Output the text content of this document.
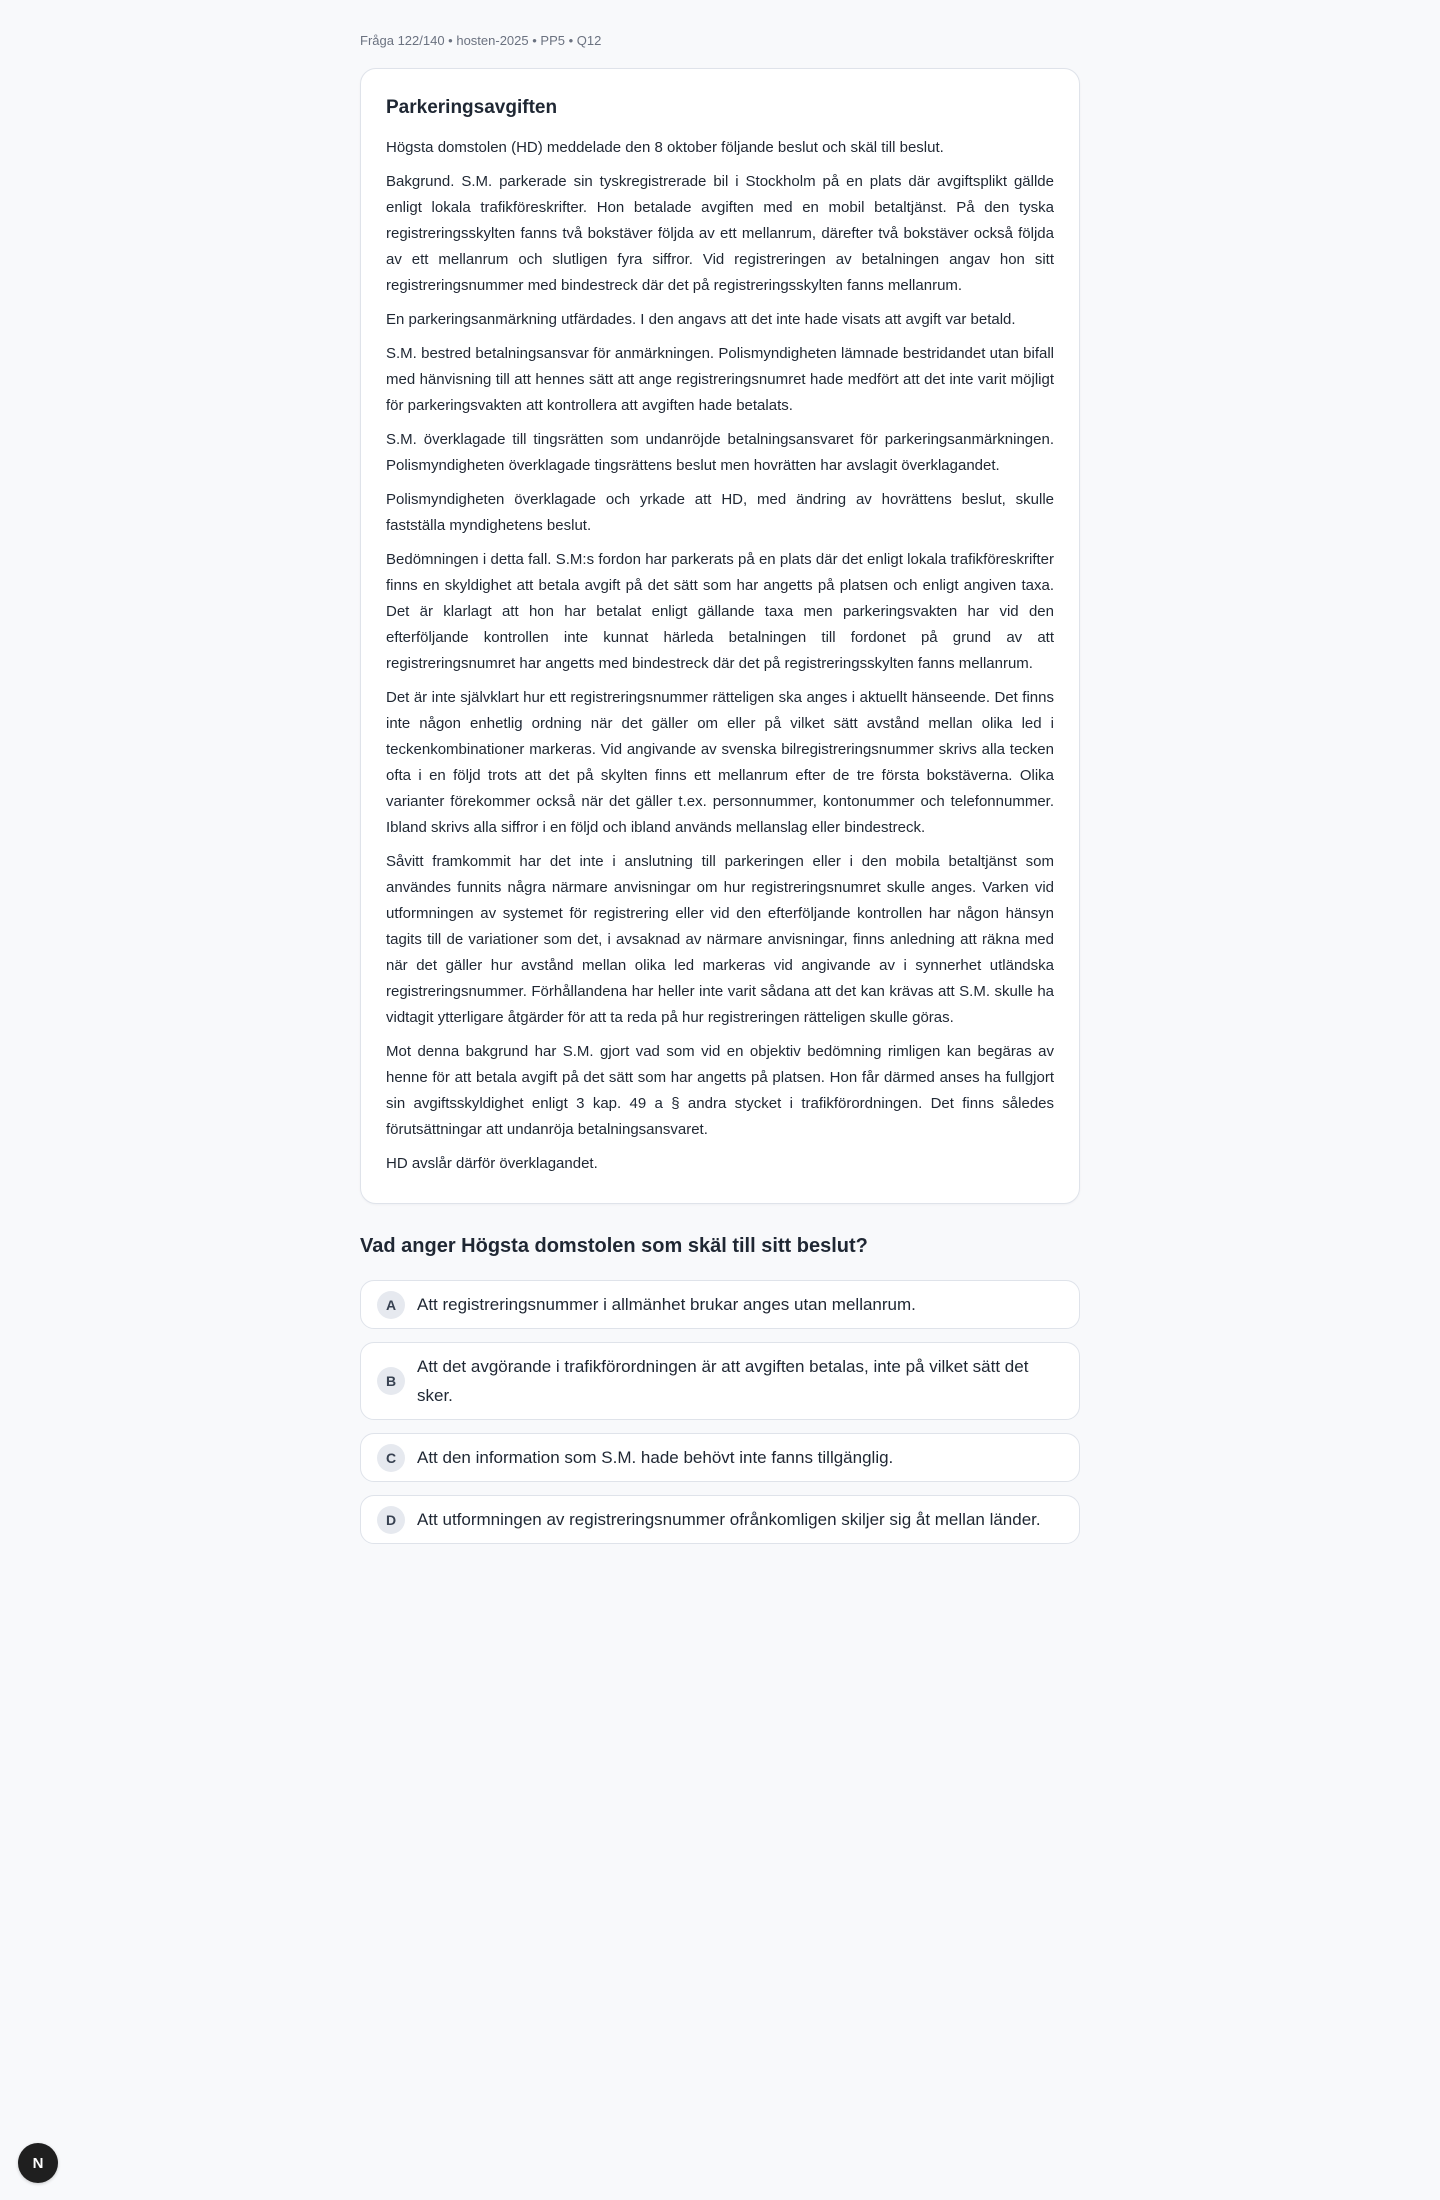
Fråga 122/140 • hosten-2025 • PP5 • Q12
Parkeringsavgiften

Högsta domstolen (HD) meddelade den 8 oktober följande beslut och skäl till beslut.

Bakgrund. S.M. parkerade sin tyskregistrerade bil i Stockholm på en plats där avgiftsplikt gällde enligt lokala trafikföreskrifter. Hon betalade avgiften med en mobil betaltjänst. På den tyska registreringsskylten fanns två bokstäver följda av ett mellanrum, därefter två bokstäver också följda av ett mellanrum och slutligen fyra siffror. Vid registreringen av betalningen angav hon sitt registreringsnummer med bindestreck där det på registreringsskylten fanns mellanrum.

En parkeringsanmärkning utfärdades. I den angavs att det inte hade visats att avgift var betald.

S.M. bestred betalningsansvar för anmärkningen. Polismyndigheten lämnade bestridandet utan bifall med hänvisning till att hennes sätt att ange registreringsnumret hade medfört att det inte varit möjligt för parkeringsvakten att kontrollera att avgiften hade betalats.

S.M. överklagade till tingsrätten som undanröjde betalningsansvaret för parkeringsanmärkningen. Polismyndigheten överklagade tingsrättens beslut men hovrätten har avslagit överklagandet.

Polismyndigheten överklagade och yrkade att HD, med ändring av hovrättens beslut, skulle fastställa myndighetens beslut.

Bedömningen i detta fall. S.M:s fordon har parkerats på en plats där det enligt lokala trafikföreskrifter finns en skyldighet att betala avgift på det sätt som har angetts på platsen och enligt angiven taxa. Det är klarlagt att hon har betalat enligt gällande taxa men parkeringsvakten har vid den efterföljande kontrollen inte kunnat härleda betalningen till fordonet på grund av att registreringsnumret har angetts med bindestreck där det på registreringsskylten fanns mellanrum.

Det är inte självklart hur ett registreringsnummer rätteligen ska anges i aktuellt hänseende. Det finns inte någon enhetlig ordning när det gäller om eller på vilket sätt avstånd mellan olika led i teckenkombinationer markeras. Vid angivande av svenska bilregistreringsnummer skrivs alla tecken ofta i en följd trots att det på skylten finns ett mellanrum efter de tre första bokstäverna. Olika varianter förekommer också när det gäller t.ex. personnummer, kontonummer och telefonnummer. Ibland skrivs alla siffror i en följd och ibland används mellanslag eller bindestreck.

Såvitt framkommit har det inte i anslutning till parkeringen eller i den mobila betaltjänst som användes funnits några närmare anvisningar om hur registreringsnumret skulle anges. Varken vid utformningen av systemet för registrering eller vid den efterföljande kontrollen har någon hänsyn tagits till de variationer som det, i avsaknad av närmare anvisningar, finns anledning att räkna med när det gäller hur avstånd mellan olika led markeras vid angivande av i synnerhet utländska registreringsnummer. Förhållandena har heller inte varit sådana att det kan krävas att S.M. skulle ha vidtagit ytterligare åtgärder för att ta reda på hur registreringen rätteligen skulle göras.

Mot denna bakgrund har S.M. gjort vad som vid en objektiv bedömning rimligen kan begäras av henne för att betala avgift på det sätt som har angetts på platsen. Hon får därmed anses ha fullgjort sin avgiftsskyldighet enligt 3 kap. 49 a § andra stycket i trafikförordningen. Det finns således förutsättningar att undanröja betalningsansvaret.

HD avslår därför överklagandet.

Vad anger Högsta domstolen som skäl till sitt beslut?
A	Att registreringsnummer i allmänhet brukar anges utan mellanrum.
B
Att det avgörande i trafikförordningen är att avgiften betalas, inte på vilket sätt det sker.
C	Att den information som S.M. hade behövt inte fanns tillgänglig.
D	Att utformningen av registreringsnummer ofrånkomligen skiljer sig åt mellan länder.
N
